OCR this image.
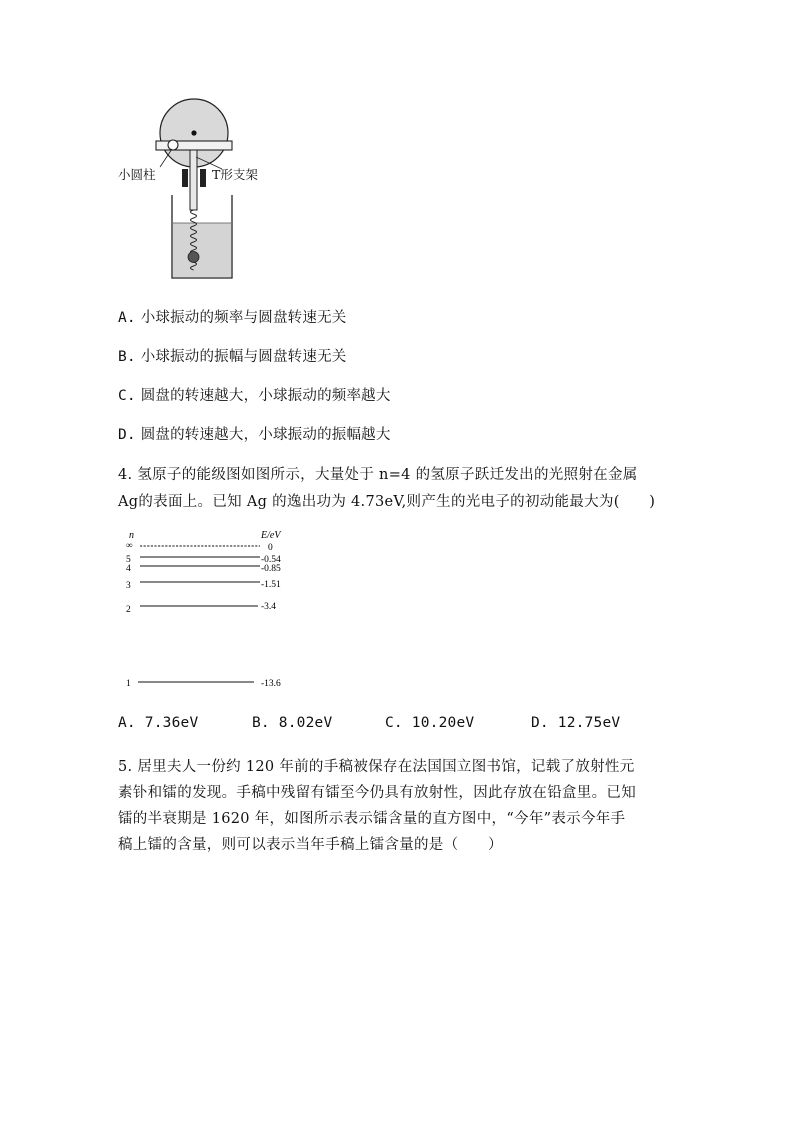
小圆柱	T形支架
A. 小球振动的频率与圆盘转速无关
B. 小球振动的振幅与圆盘转速无关
C. 圆盘的转速越大，小球振动的频率越大
D. 圆盘的转速越大，小球振动的振幅越大
4. 氢原子的能级图如图所示，大量处于 n=4 的氢原子跃迁发出的光照射在金属
Ag的表面上。已知 Ag 的逸出功为 4.73eV,则产生的光电子的初动能最大为(　　)
n	E/eV
∞	0
5	-0.54
4	-0.85
3	-1.51
2	-3.4
1	-13.6
A. 7.36eV	B. 8.02eV	C. 10.20eV	D. 12.75eV
5. 居里夫人一份约 120 年前的手稿被保存在法国国立图书馆，记载了放射性元
素钋和镭的发现。手稿中残留有镭至今仍具有放射性，因此存放在铅盒里。已知
镭的半衰期是 1620 年，如图所示表示镭含量的直方图中，“今年”表示今年手
稿上镭的含量，则可以表示当年手稿上镭含量的是（　　）
